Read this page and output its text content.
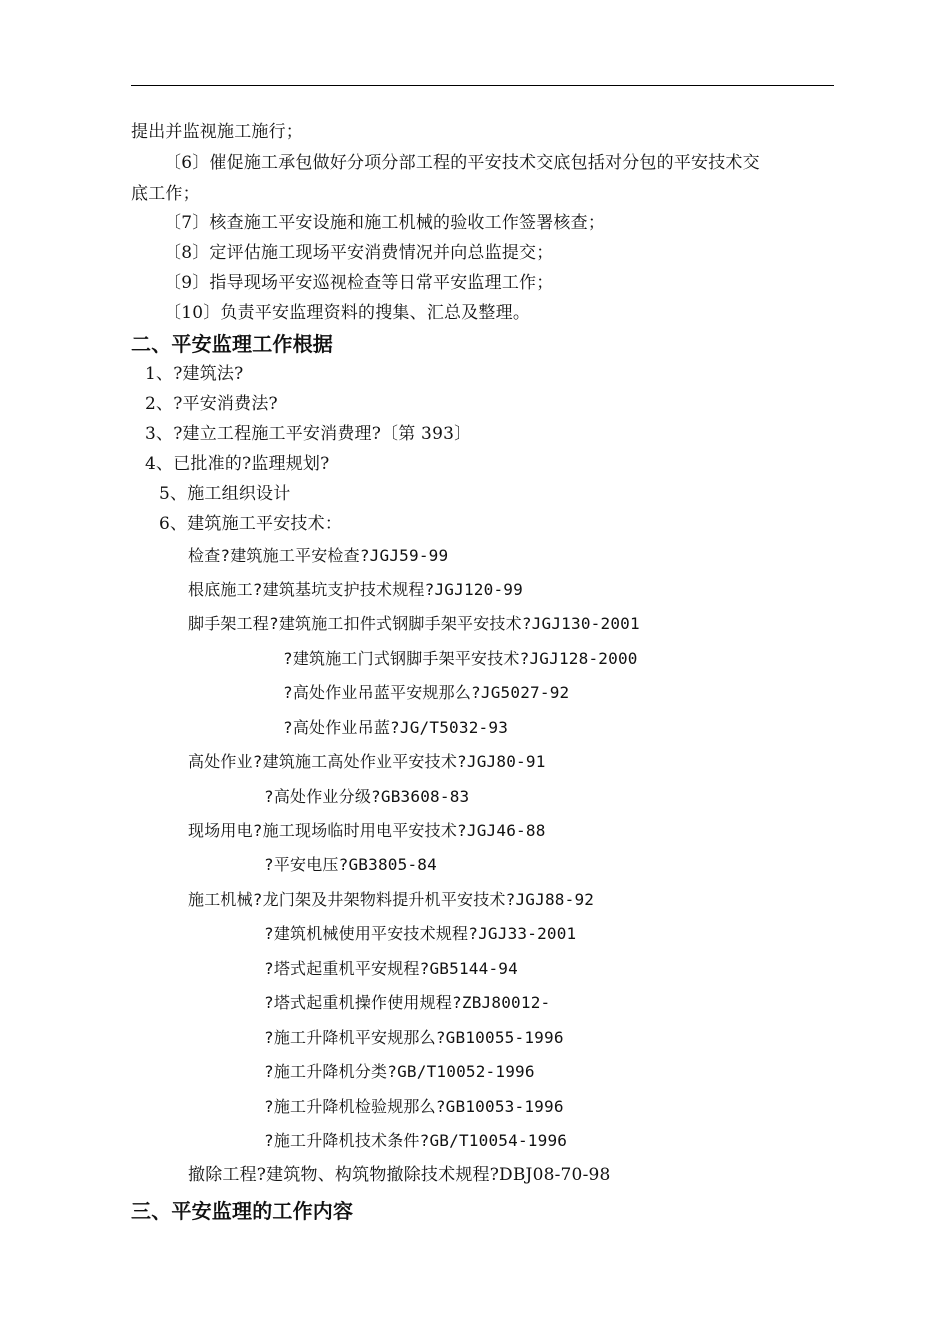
提出并监视施工施行；
〔6〕催促施工承包做好分项分部工程的平安技术交底包括对分包的平安技术交
底工作；
〔7〕核查施工平安设施和施工机械的验收工作签署核查；
〔8〕定评估施工现场平安消费情况并向总监提交；
〔9〕指导现场平安巡视检查等日常平安监理工作；
〔10〕负责平安监理资料的搜集、汇总及整理。
二、平安监理工作根据
1、?建筑法?
2、?平安消费法?
3、?建立工程施工平安消费理?〔第 393〕
4、已批准的?监理规划?
5、施工组织设计
6、建筑施工平安技术：
检查?建筑施工平安检查?JGJ59-99
根底施工?建筑基坑支护技术规程?JGJ120-99
脚手架工程?建筑施工扣件式钢脚手架平安技术?JGJ130-2001
?建筑施工门式钢脚手架平安技术?JGJ128-2000
?高处作业吊蓝平安规那么?JG5027-92
?高处作业吊蓝?JG/T5032-93
高处作业?建筑施工高处作业平安技术?JGJ80-91
?高处作业分级?GB3608-83
现场用电?施工现场临时用电平安技术?JGJ46-88
?平安电压?GB3805-84
施工机械?龙门架及井架物料提升机平安技术?JGJ88-92
?建筑机械使用平安技术规程?JGJ33-2001
?塔式起重机平安规程?GB5144-94
?塔式起重机操作使用规程?ZBJ80012-
?施工升降机平安规那么?GB10055-1996
?施工升降机分类?GB/T10052-1996
?施工升降机检验规那么?GB10053-1996
?施工升降机技术条件?GB/T10054-1996
撤除工程?建筑物、构筑物撤除技术规程?DBJ08-70-98
三、平安监理的工作内容
